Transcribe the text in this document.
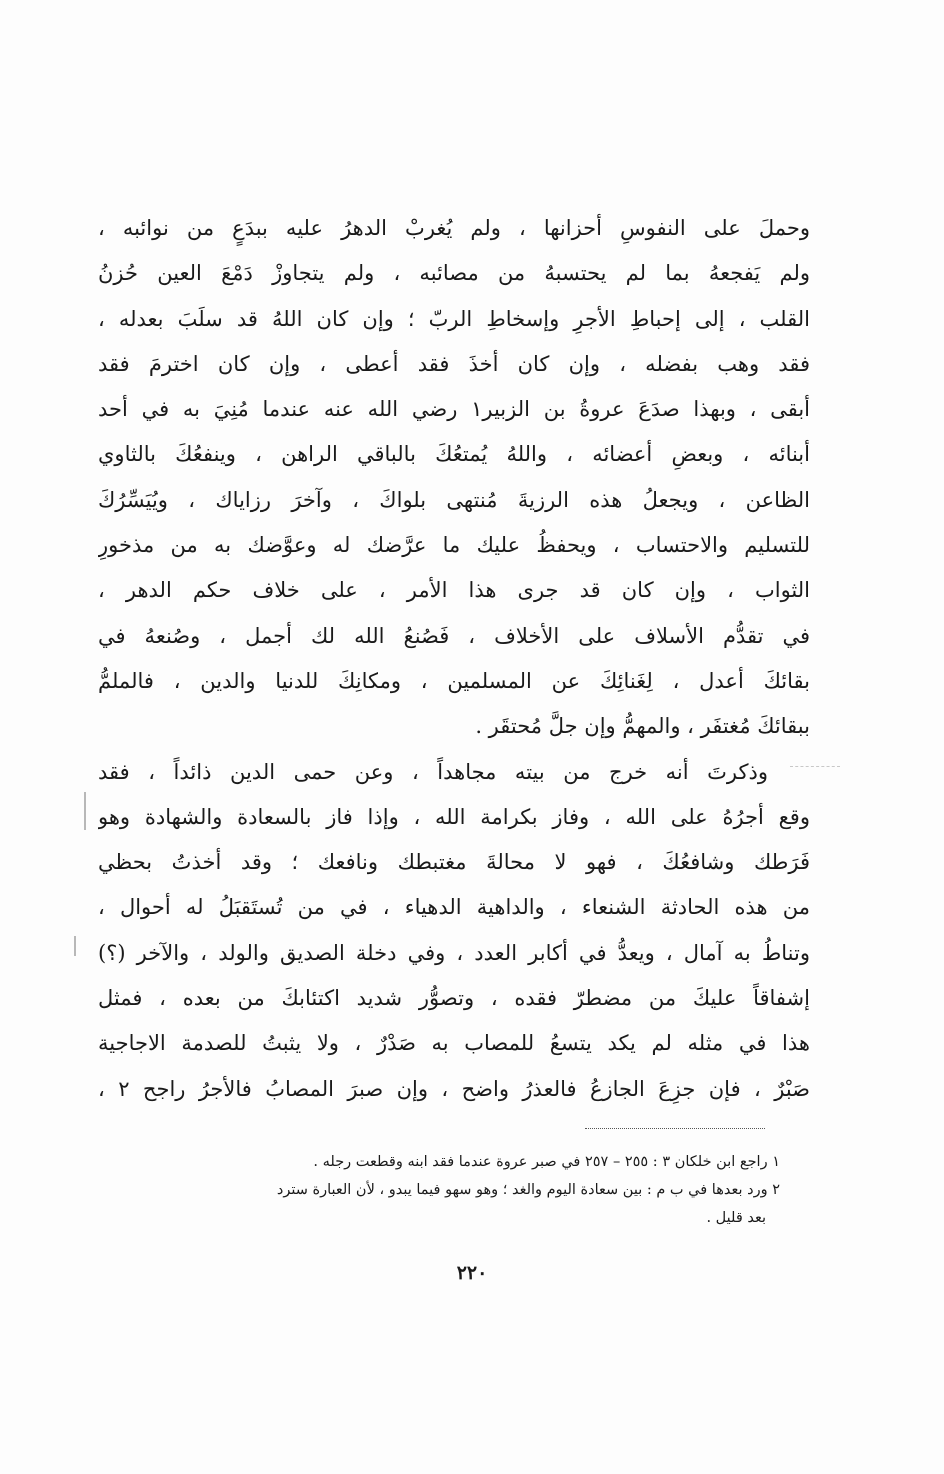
وحملَ على النفوسِ أحزانها ، ولم يُغربْ الدهرُ عليه ببدَعٍ من نوائبه ،
ولم يَفجعهُ بما لم يحتسبهُ من مصائبه ، ولم يتجاوزْ دَمْعَ العين حُزنُ
القلب ، إلى إحباطِ الأجرِ وإسخاطِ الربّ ؛ وإن كان اللهُ قد سلَبَ بعدله ،
فقد وهب بفضله ، وإن كان أخذَ فقد أعطى ، وإن كان اخترمَ فقد
أبقى ، وبهذا صدَعَ عروةُ بن الزبير١ رضي الله عنه عندما مُنِيَ به في أحد
أبنائه ، وبعضِ أعضائه ، واللهُ يُمتعُكَ بالباقي الراهن ، وينفعُكَ بالثاوي
الظاعن ، ويجعلُ هذه الرزيةَ مُنتهى بلواكَ ، وآخرَ رزاياك ، ويُيَسِّرُكَ
للتسليم والاحتساب ، ويحفظُ عليك ما عرَّضك له وعوَّضك به من مذخورِ
الثواب ، وإن كان قد جرى هذا الأمر ، على خلاف حكم الدهر ،
في تقدُّم الأسلاف على الأخلاف ، فَصُنعُ الله لك أجمل ، وصُنعهُ في
بقائكَ أعدل ، لِغَنائِكَ عن المسلمين ، ومكانِكَ للدنيا والدين ، فالملمُّ
ببقائكَ مُغتفَر ، والمهمُّ وإن جلَّ مُحتقَر .
وذكرتَ أنه خرج من بيته مجاهداً ، وعن حمى الدين ذائداً ، فقد
وقع أجرُهُ على الله ، وفاز بكرامة الله ، وإذا فاز بالسعادة والشهادة وهو
فَرَطك وشافعُكَ ، فهو لا محالةَ مغتبطك ونافعك ؛ وقد أخذتُ بحظي
من هذه الحادثة الشنعاء ، والداهية الدهياء ، في من تُستَقبَلُ له أحوال ،
وتناطُ به آمال ، ويعدُّ في أكابر العدد ، وفي دخلة الصديق والولد ، والآخر (؟)
إشفاقاً عليكَ من مضطرّ فقده ، وتصوُّر شديد اكتئابكَ من بعده ، فمثل
هذا في مثله لم يكد يتسعُ للمصاب به صَدْرٌ ، ولا يثبتُ للصدمة الاجاجية
صَبْرٌ ، فإن جزِعَ الجازعُ فالعذرُ واضح ، وإن صبرَ المصابُ فالأجرُ راجح ٢ ،
١ راجع ابن خلكان ٣ : ٢٥٥ – ٢٥٧ في صبر عروة عندما فقد ابنه وقطعت رجله .
٢ ورد بعدها في ب م : بين سعادة اليوم والغد ؛ وهو سهو فيما يبدو ، لأن العبارة سترد
بعد قليل .
٢٢٠
